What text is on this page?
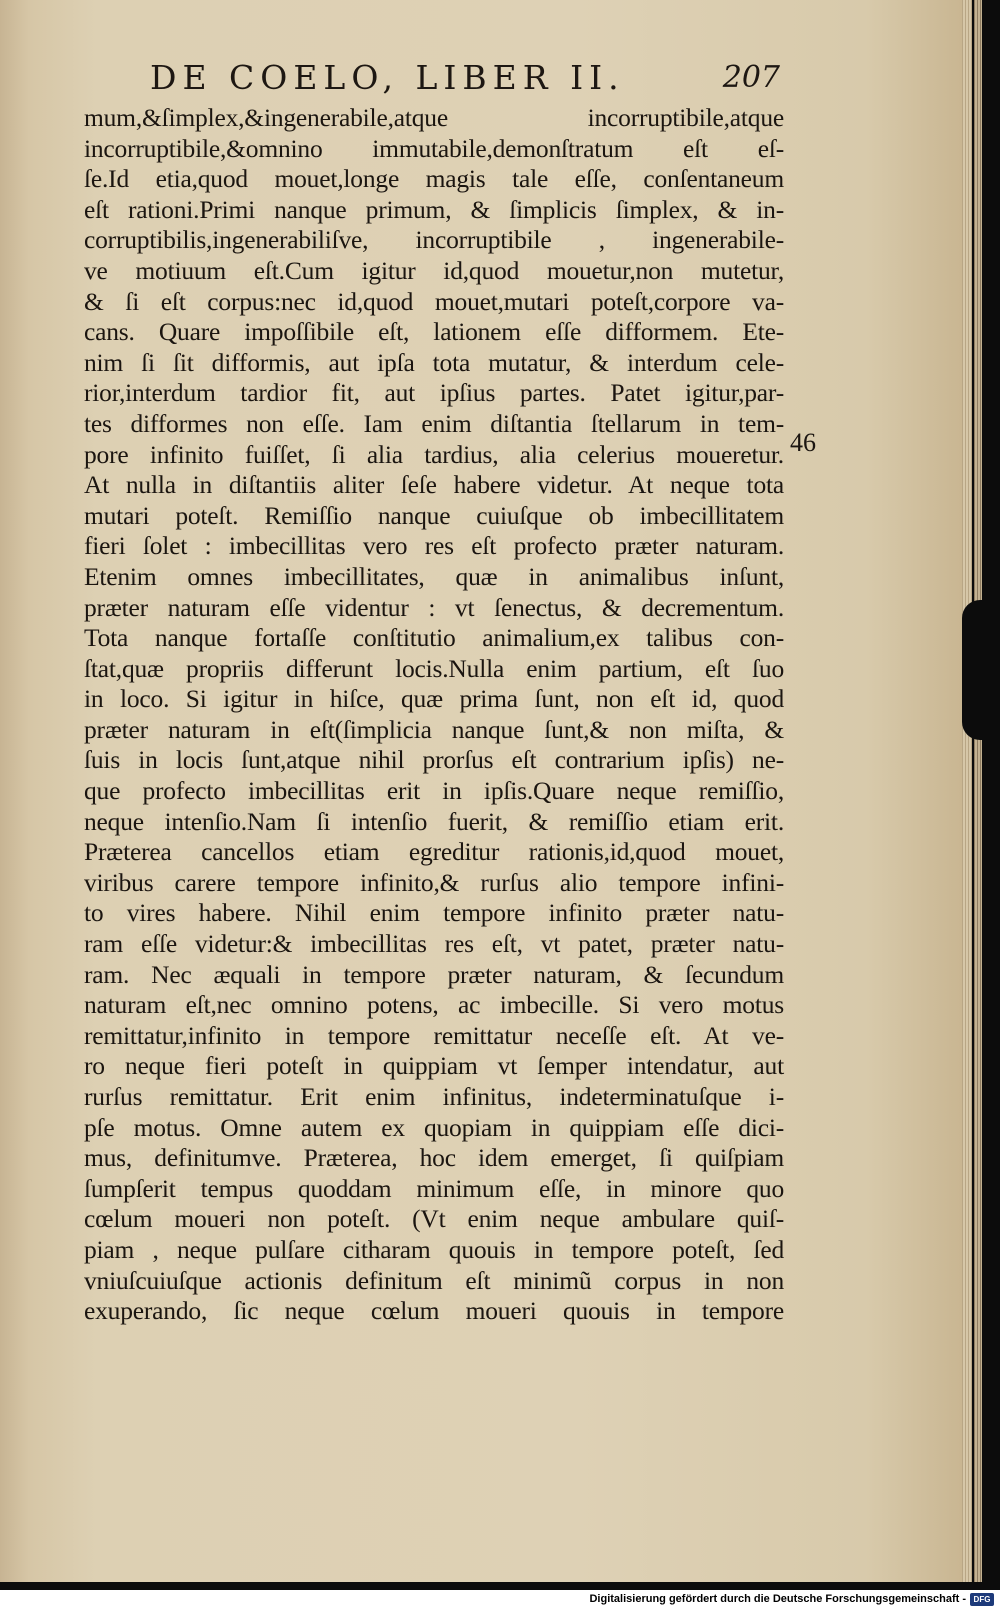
DE COELO, LIBER II.	207
mum,&ſimplex,&ingenerabile,atque incorruptibile,atque
incorruptibile,&omnino immutabile,demonſtratum eſt eſ-
ſe.Id etia,quod mouet,longe magis tale eſſe, conſentaneum
eſt rationi.Primi nanque primum, & ſimplicis ſimplex, & in-
corruptibilis,ingenerabiliſve, incorruptibile , ingenerabile-
ve motiuum eſt.Cum igitur id,quod mouetur,non mutetur,
& ſi eſt corpus:nec id,quod mouet,mutari poteſt,corpore va-
cans. Quare impoſſibile eſt, lationem eſſe difformem. Ete-
nim ſi ſit difformis, aut ipſa tota mutatur, & interdum cele-
rior,interdum tardior fit, aut ipſius partes. Patet igitur,par-
tes difformes non eſſe. Iam enim diſtantia ſtellarum in tem-
pore infinito fuiſſet, ſi alia tardius, alia celerius moueretur.
At nulla in diſtantiis aliter ſeſe habere videtur. At neque tota
mutari poteſt. Remiſſio nanque cuiuſque ob imbecillitatem
fieri ſolet : imbecillitas vero res eſt profecto præter naturam.
Etenim omnes imbecillitates, quæ in animalibus inſunt,
præter naturam eſſe videntur : vt ſenectus, & decrementum.
Tota nanque fortaſſe conſtitutio animalium,ex talibus con-
ſtat,quæ propriis differunt locis.Nulla enim partium, eſt ſuo
in loco. Si igitur in hiſce, quæ prima ſunt, non eſt id, quod
præter naturam in eſt(ſimplicia nanque ſunt,& non miſta, &
ſuis in locis ſunt,atque nihil prorſus eſt contrarium ipſis) ne-
que profecto imbecillitas erit in ipſis.Quare neque remiſſio,
neque intenſio.Nam ſi intenſio fuerit, & remiſſio etiam erit.
Præterea cancellos etiam egreditur rationis,id,quod mouet,
viribus carere tempore infinito,& rurſus alio tempore infini-
to vires habere. Nihil enim tempore infinito præter natu-
ram eſſe videtur:& imbecillitas res eſt, vt patet, præter natu-
ram. Nec æquali in tempore præter naturam, & ſecundum
naturam eſt,nec omnino potens, ac imbecille. Si vero motus
remittatur,infinito in tempore remittatur neceſſe eſt. At ve-
ro neque fieri poteſt in quippiam vt ſemper intendatur, aut
rurſus remittatur. Erit enim infinitus, indeterminatuſque i-
pſe motus. Omne autem ex quopiam in quippiam eſſe dici-
mus, definitumve. Præterea, hoc idem emerget, ſi quiſpiam
ſumpſerit tempus quoddam minimum eſſe, in minore quo
cœlum moueri non poteſt. (Vt enim neque ambulare quiſ-
piam , neque pulſare citharam quouis in tempore poteſt, ſed
vniuſcuiuſque actionis definitum eſt minimũ corpus in non
exuperando, ſic neque cœlum moueri quouis in tempore
46
Digitalisierung gefördert durch die Deutsche Forschungsgemeinschaft - DFG
